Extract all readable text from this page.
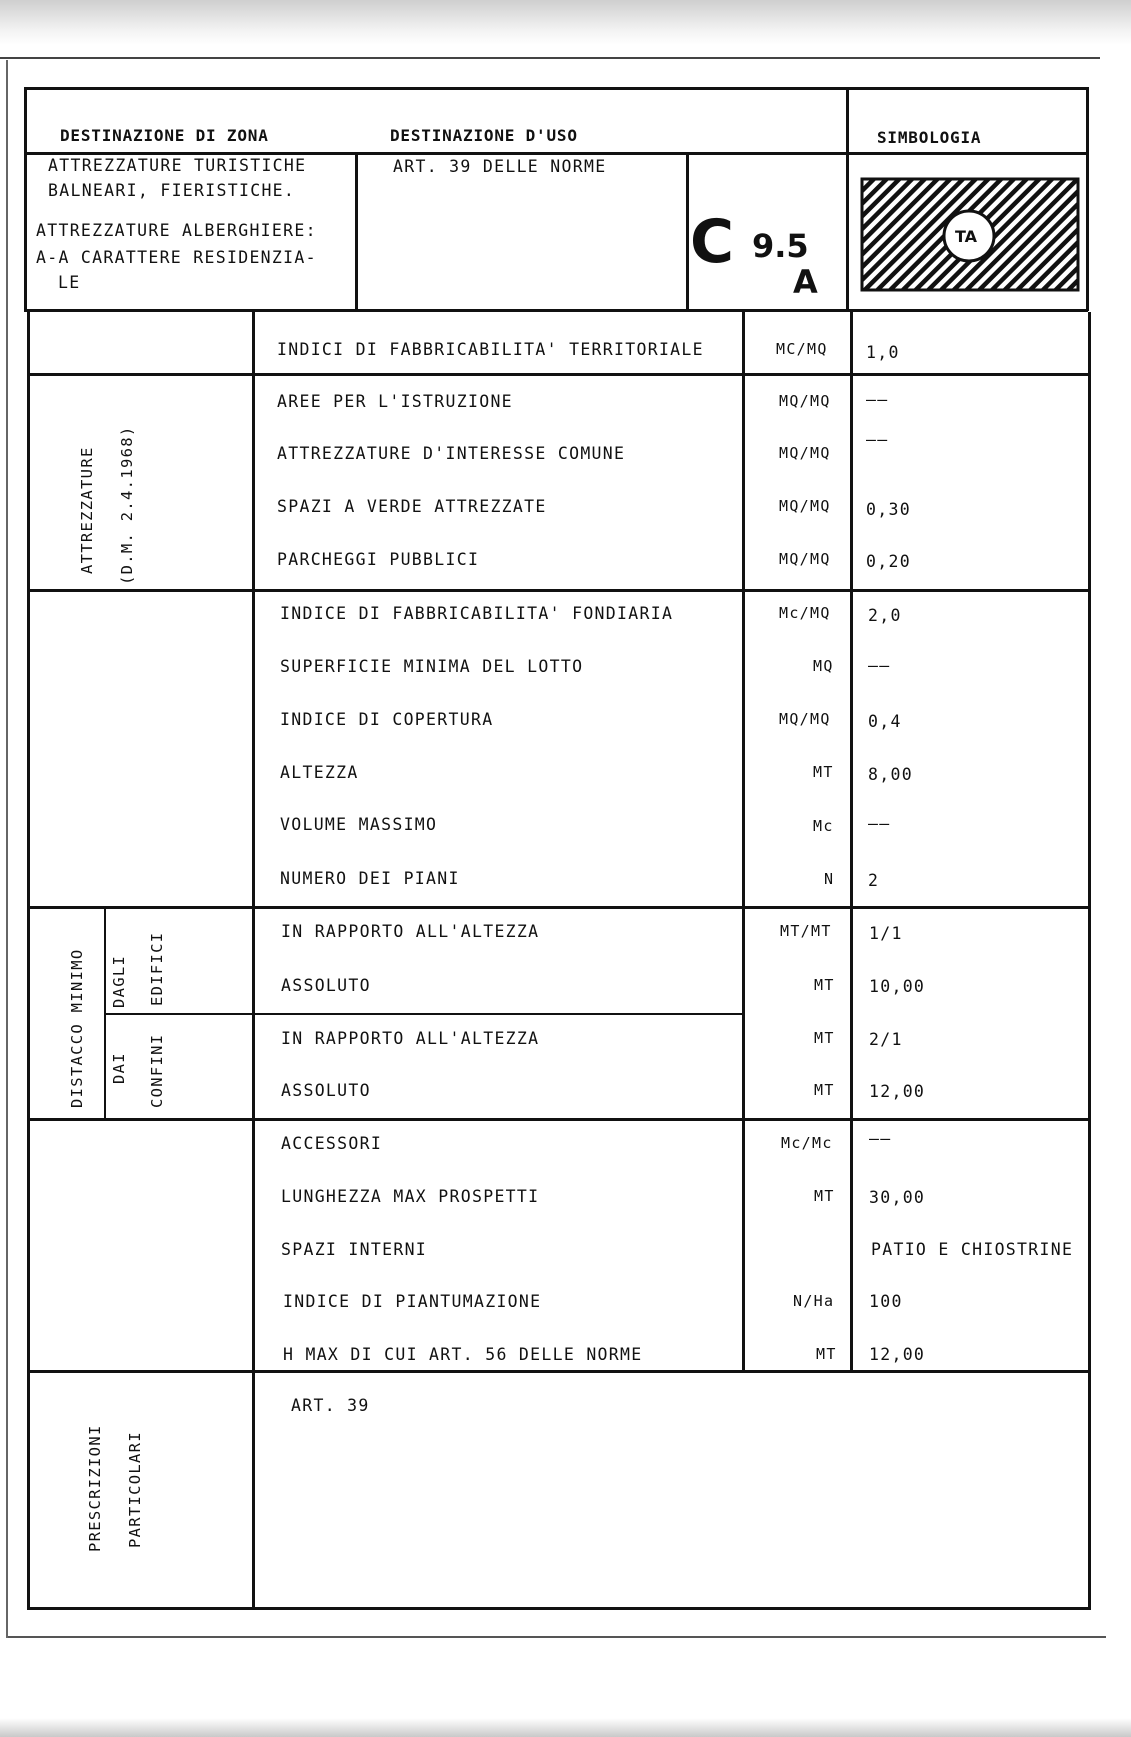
DESTINAZIONE DI ZONA	DESTINAZIONE D'USO	SIMBOLOGIA
ATTREZZATURE TURISTICHE
BALNEARI, FIERISTICHE.
ATTREZZATURE ALBERGHIERE:
A-A CARATTERE RESIDENZIA-
LE
ART. 39 DELLE NORME
C 9.5
A
TA
INDICI DI FABBRICABILITA' TERRITORIALE	MC/MQ 1,0
ATTREZZATURE (D.M. 2.4.1968)
AREE PER L'ISTRUZIONE	MQ/MQ ——
ATTREZZATURE D'INTERESSE COMUNE	MQ/MQ
——
SPAZI A VERDE ATTREZZATE	MQ/MQ 0,30
PARCHEGGI PUBBLICI	MQ/MQ 0,20
INDICE DI FABBRICABILITA' FONDIARIA	Mc/MQ 2,0
SUPERFICIE MINIMA DEL LOTTO	MQ ——
INDICE DI COPERTURA	MQ/MQ 0,4
ALTEZZA	MT 8,00
VOLUME MASSIMO	Mc ——
NUMERO DEI PIANI	N 2
DISTACCO MINIMO DAGLI EDIFICI
DAI CONFINI
IN RAPPORTO ALL'ALTEZZA	MT/MT 1/1
ASSOLUTO	MT 10,00
IN RAPPORTO ALL'ALTEZZA	MT 2/1
ASSOLUTO	MT 12,00
ACCESSORI	Mc/Mc ——
LUNGHEZZA MAX PROSPETTI	MT 30,00
SPAZI INTERNI	PATIO E CHIOSTRINE
INDICE DI PIANTUMAZIONE	N/Ha 100
H MAX DI CUI ART. 56 DELLE NORME	MT 12,00
PRESCRIZIONI PARTICOLARI
ART. 39
